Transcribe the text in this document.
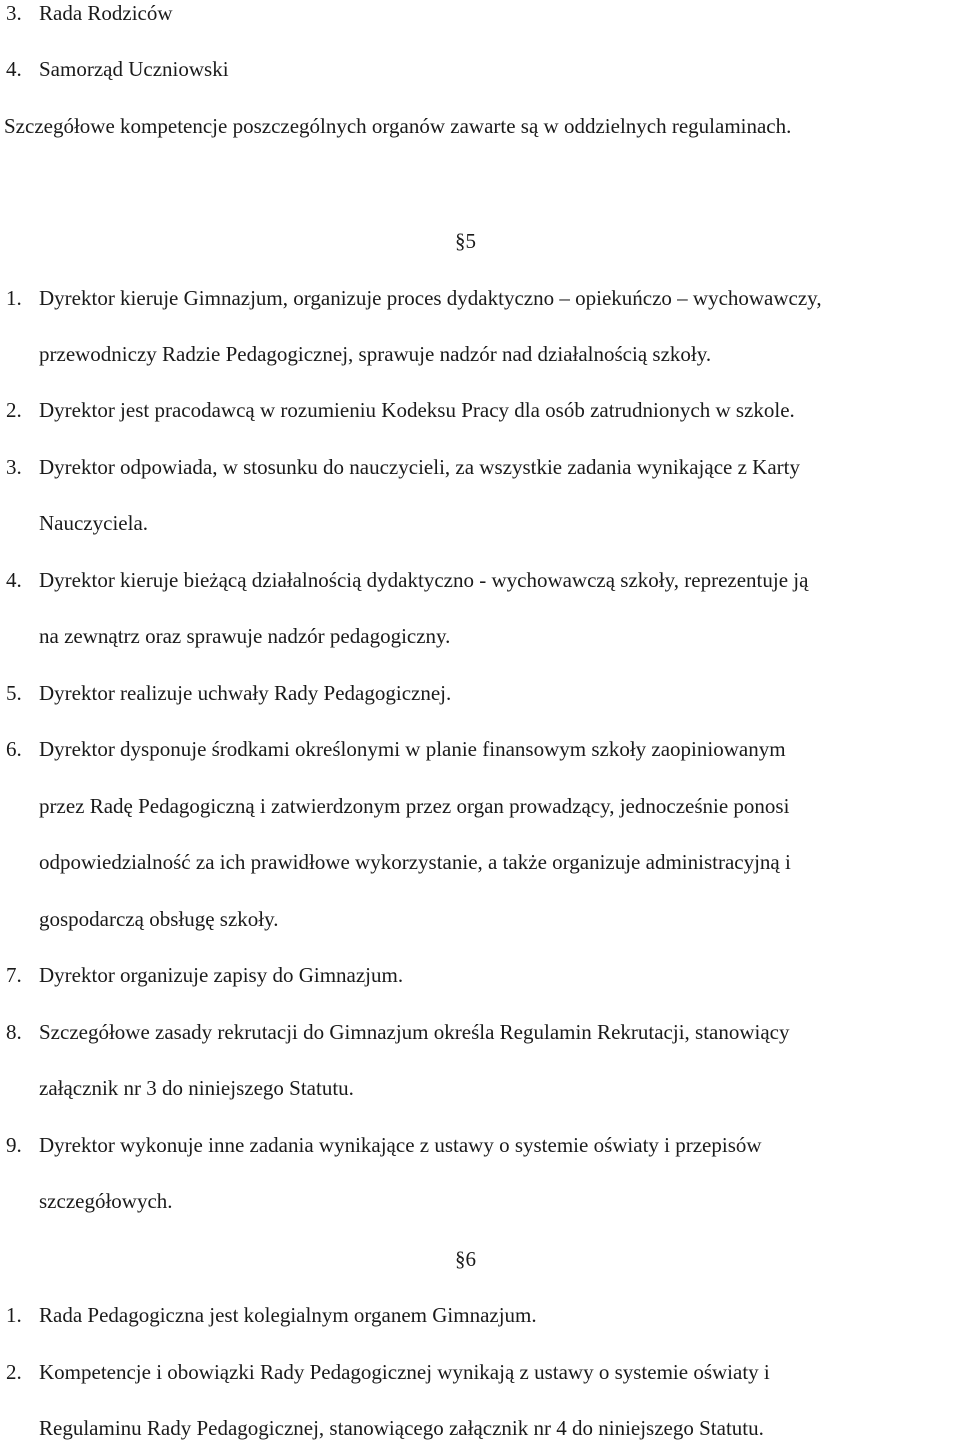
3. Rada Rodziców
4. Samorząd Uczniowski
Szczegółowe kompetencje poszczególnych organów zawarte są w oddzielnych regulaminach.
§5
1. Dyrektor kieruje Gimnazjum, organizuje proces dydaktyczno – opiekuńczo – wychowawczy,
przewodniczy Radzie Pedagogicznej, sprawuje nadzór nad działalnością szkoły.
2. Dyrektor jest pracodawcą w rozumieniu Kodeksu Pracy dla osób zatrudnionych w szkole.
3. Dyrektor odpowiada, w stosunku do nauczycieli, za wszystkie zadania wynikające z Karty
Nauczyciela.
4. Dyrektor kieruje bieżącą działalnością dydaktyczno - wychowawczą szkoły, reprezentuje ją
na zewnątrz oraz sprawuje nadzór pedagogiczny.
5. Dyrektor realizuje uchwały Rady Pedagogicznej.
6. Dyrektor dysponuje środkami określonymi w planie finansowym szkoły zaopiniowanym
przez Radę Pedagogiczną i zatwierdzonym przez organ prowadzący, jednocześnie ponosi
odpowiedzialność za ich prawidłowe wykorzystanie, a także organizuje administracyjną i
gospodarczą obsługę szkoły.
7. Dyrektor organizuje zapisy do Gimnazjum.
8. Szczegółowe zasady rekrutacji do Gimnazjum określa Regulamin Rekrutacji, stanowiący
załącznik nr 3 do niniejszego Statutu.
9. Dyrektor wykonuje inne zadania wynikające z ustawy o systemie oświaty i przepisów
szczegółowych.
§6
1. Rada Pedagogiczna jest kolegialnym organem Gimnazjum.
2. Kompetencje i obowiązki Rady Pedagogicznej wynikają z ustawy o systemie oświaty i
Regulaminu Rady Pedagogicznej, stanowiącego załącznik nr 4 do niniejszego Statutu.
